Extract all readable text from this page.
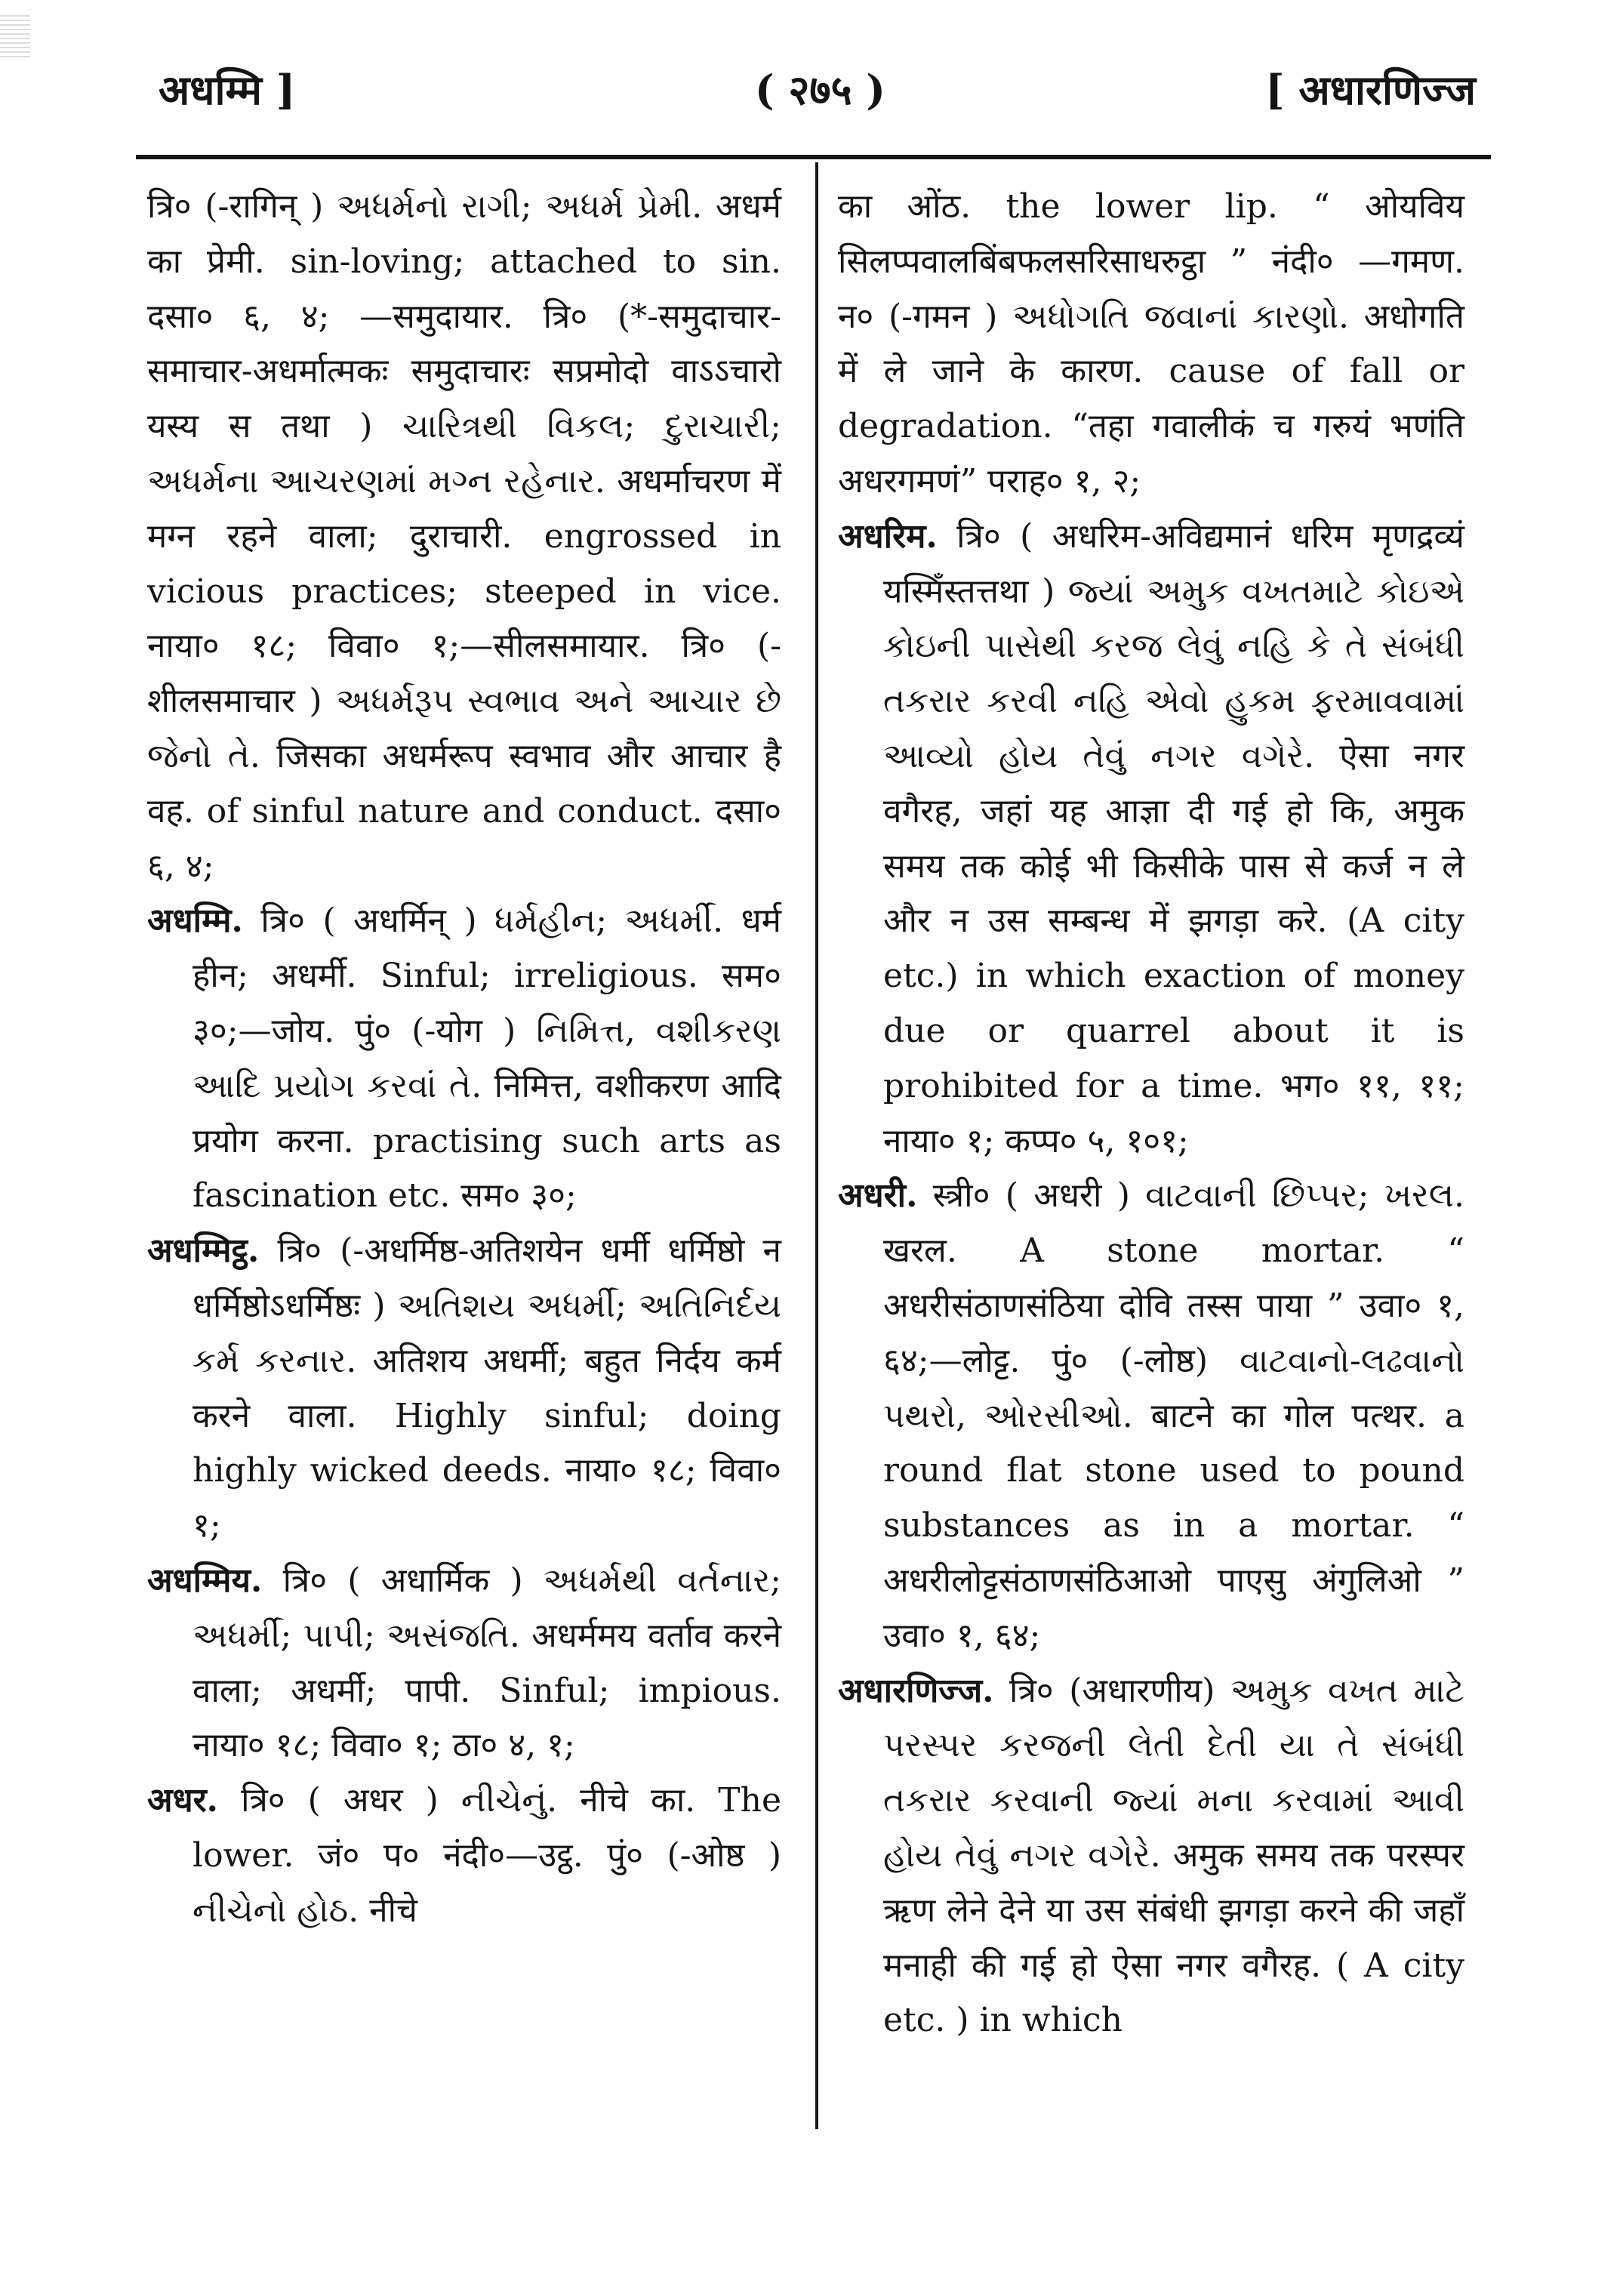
अधम्मि ]	( २७५ )	[ अधारणिज्ज

त्रि० (-रागिन् ) અધર્મનો રાગી; અધર્મ પ્રેમી. अधर्म का प्रेमी. sin-loving; attached to sin. दसा० ६, ४; —समुदायार. त्रि० (*-समुदाचार-समाचार-अधर्मात्मकः समुदाचारः सप्रमोदो वाऽऽचारो यस्य स तथा ) ચારિત્રથી વિકલ; દુરાચારી; અધર્મના આચરણમાં મગ્ન રહેનાર. अधर्माचरण में मग्न रहने वाला; दुराचारी. engrossed in vicious practices; steeped in vice. नाया० १८; विवा० १;—सीलसमायार. त्रि० (-शीलसमाचार ) અધર્મરૂપ સ્વભાવ અને આચાર છે જેનો તે. जिसका अधर्मरूप स्वभाव और आचार है वह. of sinful nature and conduct. दसा० ६, ४;

अधम्मि. त्रि० ( अधर्मिन् ) ધર્મહીન; અધર્મી. धर्म हीन; अधर्मी. Sinful; irreligious. सम० ३०;—जोय. पुं० (-योग ) નિમિત્ત, વશીકરણ આદિ પ્રયોગ કરવાં તે. निमित्त, वशीकरण आदि प्रयोग करना. practising such arts as fascination etc. सम० ३०;

अधम्मिट्ठ. त्रि० (-अधर्मिष्ठ-अतिशयेन धर्मी धर्मिष्ठो न धर्मिष्ठोऽधर्मिष्ठः ) અતિશય અધર્મી; અતિનિર્દય કર્મ કરનાર. अतिशय अधर्मी; बहुत निर्दय कर्म करने वाला. Highly sinful; doing highly wicked deeds. नाया० १८; विवा० १;

अधम्मिय. त्रि० ( अधार्मिक ) અધર્મથી વર્તનાર; અધર્મી; પાપી; અસંજતિ. अधर्ममय वर्ताव करने वाला; अधर्मी; पापी. Sinful; impious. नाया० १८; विवा० १; ठा० ४, १;

अधर. त्रि० ( अधर ) નીચેનું. नीचे का. The lower. जं० प० नंदी०—उट्ठ. पुं० (-ओष्ठ ) નીચેનો હોઠ. नीचे

का ओंठ. the lower lip. “ ओयविय सिलप्पवालबिंबफलसरिसाधरुट्ठा ” नंदी० —गमण. न० (-गमन ) અધોગતિ જવાનાં કારણો. अधोगति में ले जाने के कारण. cause of fall or degradation. “तहा गवालीकं च गरुयं भणंति अधरगमणं” पराह० १, २;

अधरिम. त्रि० ( अधरिम-अविद्यमानं धरिम मृणद्रव्यं यस्मिँस्तत्तथा ) જ્યાં અમુક વખતમાટે કોઇએ કોઇની પાસેથી કરજ લેવું નહિ કે તે સંબંધી તકરાર કરવી નહિ એવો હુકમ ફરમાવવામાં આવ્યો હોય તેવું નગર વગેરે. ऐसा नगर वगैरह, जहां यह आज्ञा दी गई हो कि, अमुक समय तक कोई भी किसीके पास से कर्ज न ले और न उस सम्बन्ध में झगड़ा करे. (A city etc.) in which exaction of money due or quarrel about it is prohibited for a time. भग० ११, ११; नाया० १; कप्प० ५, १०१;

अधरी. स्त्री० ( अधरी ) વાટવાની છિપ્પર; ખરલ. खरल. A stone mortar. “ अधरीसंठाणसंठिया दोवि तस्स पाया ” उवा० १, ६४;—लोट्ट. पुं० (-लोष्ठ) વાટવાનો-લઢવાનો પથરો, ઓરસીઓ. बाटने का गोल पत्थर. a round flat stone used to pound substances as in a mortar. “ अधरीलोट्टसंठाणसंठिआओ पाएसु अंगुलिओ ” उवा० १, ६४;

अधारणिज्ज. त्रि० (अधारणीय) અમુક વખત માટે પરસ્પર કરજની લેતી દેતી યા તે સંબંધી તકરાર કરવાની જ્યાં મના કરવામાં આવી હોય તેવું નગર વગેરે. अमुक समय तक परस्पर ऋण लेने देने या उस संबंधी झगड़ा करने की जहाँ मनाही की गई हो ऐसा नगर वगैरह. ( A city etc. ) in which
